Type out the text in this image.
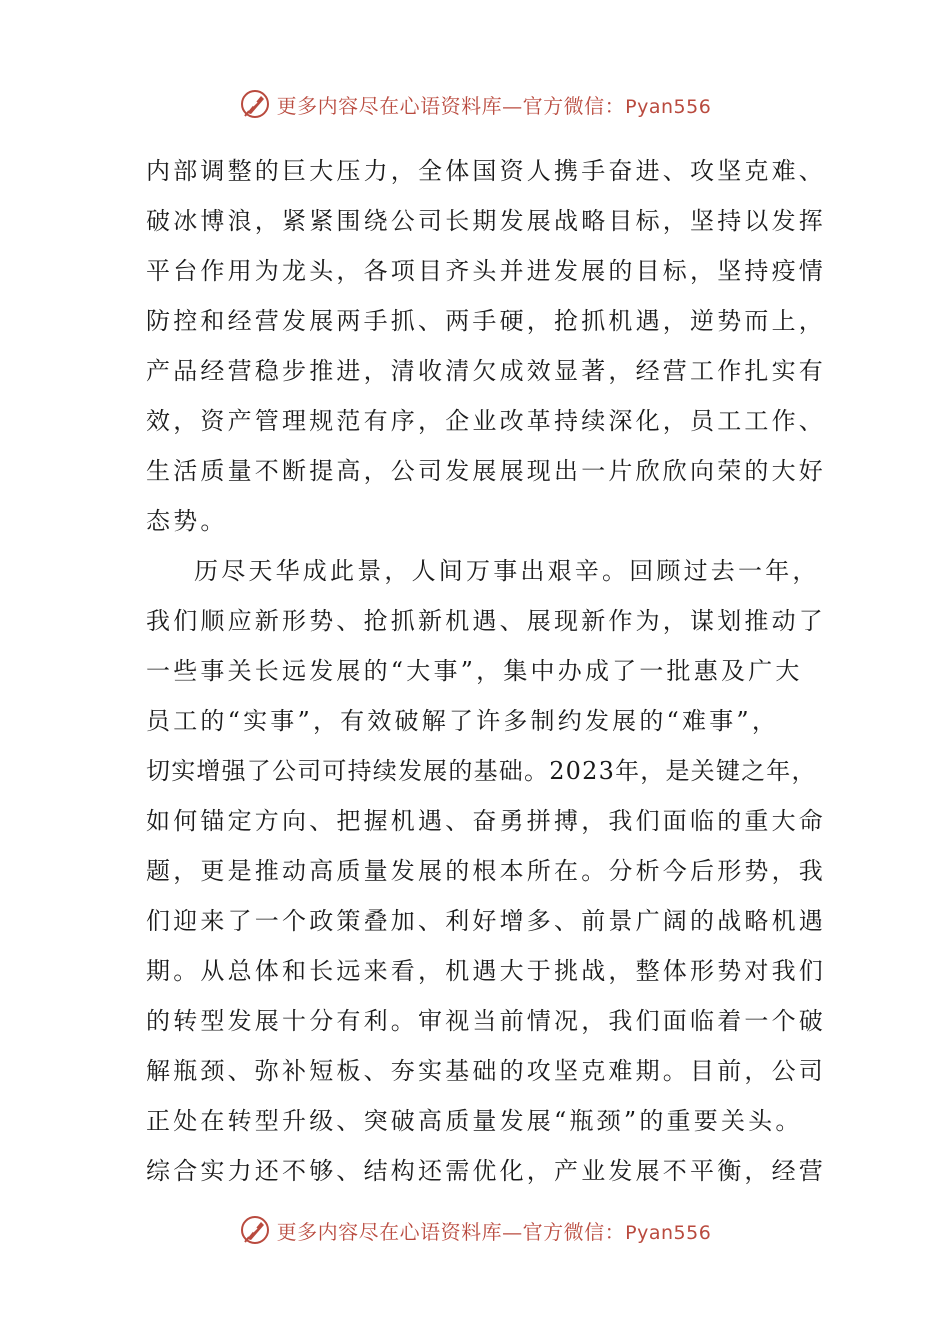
更多内容尽在心语资料库—官方微信：Pyan556
内部调整的巨大压力，全体国资人携手奋进、攻坚克难、
破冰博浪，紧紧围绕公司长期发展战略目标，坚持以发挥
平台作用为龙头，各项目齐头并进发展的目标，坚持疫情
防控和经营发展两手抓、两手硬，抢抓机遇，逆势而上，
产品经营稳步推进，清收清欠成效显著，经营工作扎实有
效，资产管理规范有序，企业改革持续深化，员工工作、
生活质量不断提高，公司发展展现出一片欣欣向荣的大好
态势。
历尽天华成此景，人间万事出艰辛。回顾过去一年，
我们顺应新形势、抢抓新机遇、展现新作为，谋划推动了
一些事关长远发展的“大事”，集中办成了一批惠及广大
员工的“实事”，有效破解了许多制约发展的“难事”，
切实增强了公司可持续发展的基础。2023年，是关键之年，
如何锚定方向、把握机遇、奋勇拼搏，我们面临的重大命
题，更是推动高质量发展的根本所在。分析今后形势，我
们迎来了一个政策叠加、利好增多、前景广阔的战略机遇
期。从总体和长远来看，机遇大于挑战，整体形势对我们
的转型发展十分有利。审视当前情况，我们面临着一个破
解瓶颈、弥补短板、夯实基础的攻坚克难期。目前，公司
正处在转型升级、突破高质量发展“瓶颈”的重要关头。
综合实力还不够、结构还需优化，产业发展不平衡，经营
更多内容尽在心语资料库—官方微信：Pyan556
